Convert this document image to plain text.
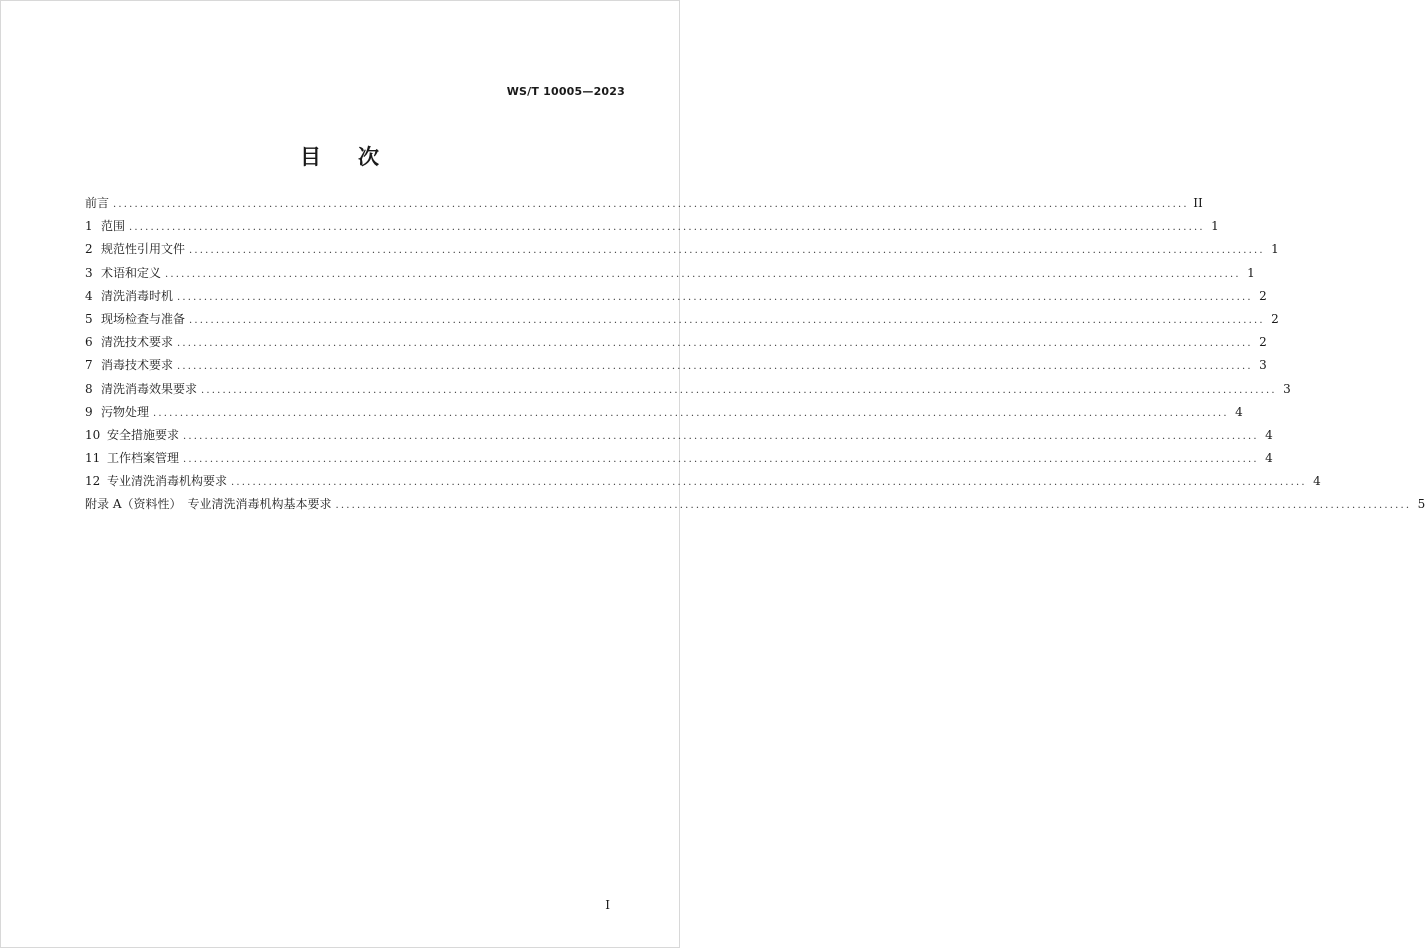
WS/T 10005—2023
目 次
前言 ........................................................................................................................................................................................................ II
1 范围 ........................................................................................................................................................................................................ 1
2 规范性引用文件 ........................................................................................................................................................................................................ 1
3 术语和定义 ........................................................................................................................................................................................................ 1
4 清洗消毒时机 ........................................................................................................................................................................................................ 2
5 现场检查与准备 ........................................................................................................................................................................................................ 2
6 清洗技术要求 ........................................................................................................................................................................................................ 2
7 消毒技术要求 ........................................................................................................................................................................................................ 3
8 清洗消毒效果要求 ........................................................................................................................................................................................................ 3
9 污物处理 ........................................................................................................................................................................................................ 4
10 安全措施要求 ........................................................................................................................................................................................................ 4
11 工作档案管理 ........................................................................................................................................................................................................ 4
12 专业清洗消毒机构要求 ........................................................................................................................................................................................................ 4
附录 A（资料性）　专业清洗消毒机构基本要求 ........................................................................................................................................................................................................ 5
I
